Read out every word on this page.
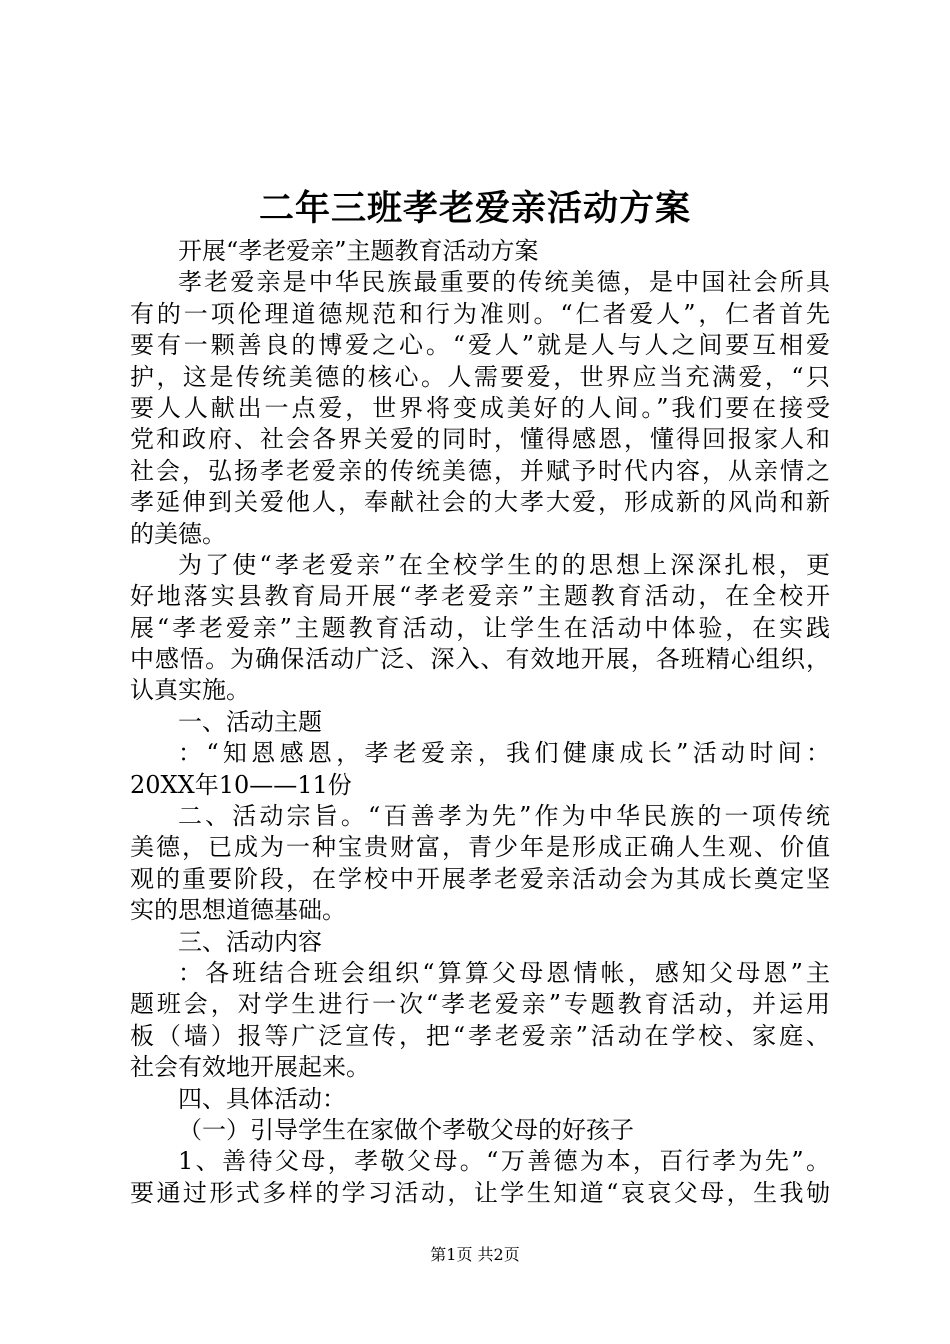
二年三班孝老爱亲活动方案
开展“孝老爱亲”主题教育活动方案
孝老爱亲是中华民族最重要的传统美德，是中国社会所具
有的一项伦理道德规范和行为准则。“仁者爱人”，仁者首先
要有一颗善良的博爱之心。“爱人”就是人与人之间要互相爱
护，这是传统美德的核心。人需要爱，世界应当充满爱，“只
要人人献出一点爱，世界将变成美好的人间。”我们要在接受
党和政府、社会各界关爱的同时，懂得感恩，懂得回报家人和
社会，弘扬孝老爱亲的传统美德，并赋予时代内容，从亲情之
孝延伸到关爱他人，奉献社会的大孝大爱，形成新的风尚和新
的美德。
为了使“孝老爱亲”在全校学生的的思想上深深扎根，更
好地落实县教育局开展“孝老爱亲”主题教育活动，在全校开
展“孝老爱亲”主题教育活动，让学生在活动中体验，在实践
中感悟。为确保活动广泛、深入、有效地开展，各班精心组织，
认真实施。
一、活动主题
：“知恩感恩，孝老爱亲，我们健康成长”活动时间：
20XX年10——11份
二、活动宗旨。“百善孝为先”作为中华民族的一项传统
美德，已成为一种宝贵财富，青少年是形成正确人生观、价值
观的重要阶段，在学校中开展孝老爱亲活动会为其成长奠定坚
实的思想道德基础。
三、活动内容
：各班结合班会组织“算算父母恩情帐，感知父母恩”主
题班会，对学生进行一次“孝老爱亲”专题教育活动，并运用
板（墙）报等广泛宣传，把“孝老爱亲”活动在学校、家庭、
社会有效地开展起来。
四、具体活动：
（一）引导学生在家做个孝敬父母的好孩子
1、善待父母，孝敬父母。“万善德为本，百行孝为先”。
要通过形式多样的学习活动，让学生知道“哀哀父母，生我劬
第1页 共2页
